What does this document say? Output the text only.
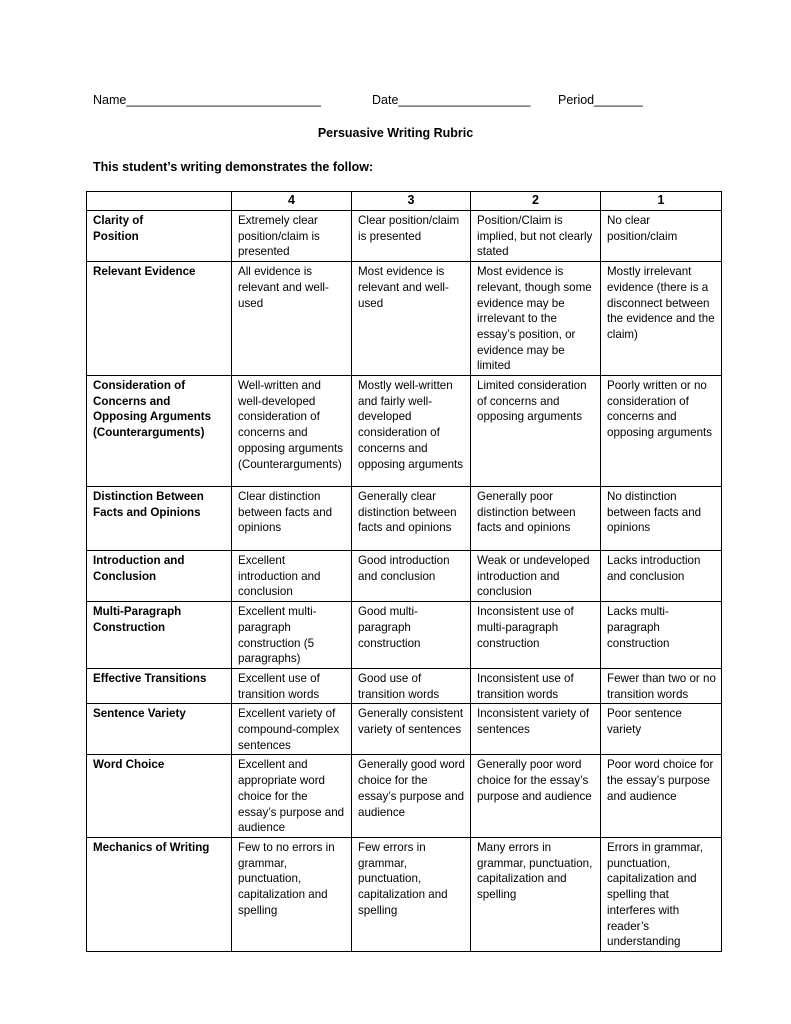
Name____________________________

	Date___________________

Period_______

Persuasive Writing Rubric
This student’s writing demonstrates the follow:
	4	3	2	1
Clarity of
Position	Extremely clear position/claim is presented	Clear position/claim is presented	Position/Claim is implied, but not clearly stated	No clear position/claim
Relevant Evidence	All evidence is relevant and well-used	Most evidence is relevant and well-used	Most evidence is relevant, though some evidence may be irrelevant to the essay’s position, or evidence may be limited	Mostly irrelevant evidence (there is a disconnect between the evidence and the claim)
Consideration of Concerns and Opposing Arguments (Counterarguments)	Well-written and well-developed consideration of concerns and opposing arguments (Counterarguments)	Mostly well-written and fairly well-developed consideration of concerns and opposing arguments	Limited consideration of concerns and opposing arguments	Poorly written or no consideration of concerns and opposing arguments
Distinction Between Facts and Opinions	Clear distinction between facts and opinions	Generally clear distinction between facts and opinions	Generally poor distinction between facts and opinions	No distinction between facts and opinions
Introduction and Conclusion	Excellent introduction and conclusion	Good introduction and conclusion	Weak or undeveloped introduction and conclusion	Lacks introduction and conclusion
Multi-Paragraph Construction	Excellent multi-paragraph construction (5 paragraphs)	Good multi-paragraph construction	Inconsistent use of multi-paragraph construction	Lacks multi-paragraph construction
Effective Transitions	Excellent use of transition words	Good use of transition words	Inconsistent use of transition words	Fewer than two or no transition words
Sentence Variety	Excellent variety of compound-complex sentences	Generally consistent variety of sentences	Inconsistent variety of sentences	Poor sentence variety
Word Choice	Excellent and appropriate word choice for the essay’s purpose and audience	Generally good word choice for the essay’s purpose and audience	Generally poor word choice for the essay’s purpose and audience	Poor word choice for the essay’s purpose and audience
Mechanics of Writing	Few to no errors in grammar, punctuation, capitalization and spelling	Few errors in grammar, punctuation, capitalization and spelling	Many errors in grammar, punctuation, capitalization and spelling	Errors in grammar, punctuation, capitalization and spelling that interferes with reader’s understanding
